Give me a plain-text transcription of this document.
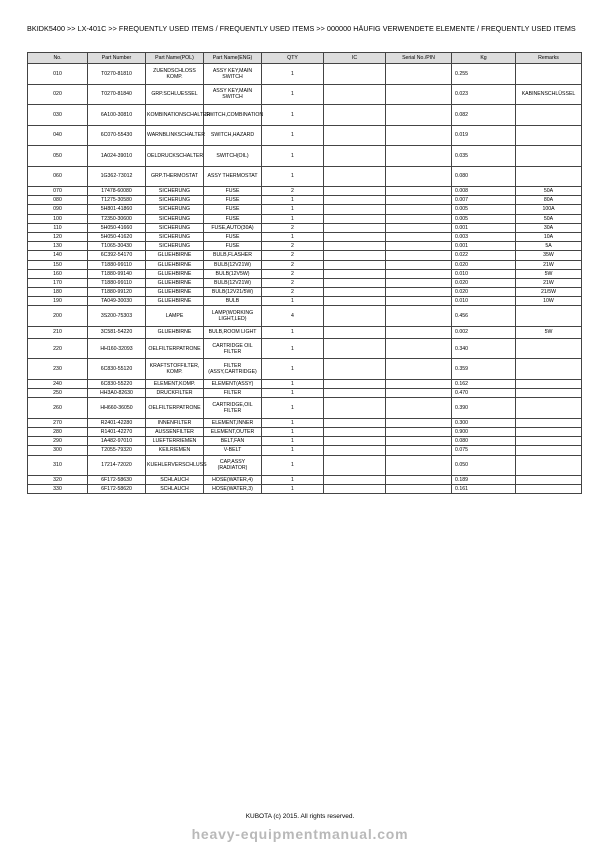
BKIDK5400 >> LX-401C >> FREQUENTLY USED ITEMS / FREQUENTLY USED ITEMS >> 000000 HÄUFIG VERWENDETE ELEMENTE / FREQUENTLY USED ITEMS
No.	Part Number	Part Name(POL)	Part Name(ENG)	QTY	IC	Serial No./PIN	Kg	Remarks
010	T0270-81810	ZUENDSCHLOSS KOMP.	ASSY KEY,MAIN SWITCH	1			0.255	
020	T0270-81840	GRP.SCHLUESSEL	ASSY KEY,MAIN SWITCH	1			0.023	KABINENSCHLÜSSEL
030	6A100-30810	KOMBINATIONSCHALTER	SWITCH,COMBINATION	1			0.082	
040	6C070-55430	WARNBLINKSCHALTER	SWITCH,HAZARD	1			0.019	
050	1A024-39010	OELDRUCKSCHALTER	SWITCH(OIL)	1			0.035	
060	1G362-73012	GRP.THERMOSTAT	ASSY THERMOSTAT	1			0.080	
070	17478-60080	SICHERUNG	FUSE	2			0.008	50A
080	T1275-30580	SICHERUNG	FUSE	1			0.007	80A
090	5H801-41860	SICHERUNG	FUSE	1			0.005	100A
100	T2350-30600	SICHERUNG	FUSE	1			0.005	50A
110	5H050-41660	SICHERUNG	FUSE,AUTO(30A)	2			0.001	30A
120	5H050-41620	SICHERUNG	FUSE	1			0.003	10A
130	T1065-30430	SICHERUNG	FUSE	2			0.001	5A
140	6C392-54170	GLUEHBIRNE	BULB,FLASHER	2			0.022	35W
150	T1880-99110	GLUEHBIRNE	BULB(12V21W)	2			0.020	21W
160	T1880-99140	GLUEHBIRNE	BULB(12V5W)	2			0.010	5W
170	T1880-99110	GLUEHBIRNE	BULB(12V21W)	2			0.020	21W
180	T1880-99120	GLUEHBIRNE	BULB(12V21/5W)	2			0.020	21/5W
190	TA049-30030	GLUEHBIRNE	BULB	1			0.010	10W
200	3S200-75303	LAMPE	LAMP(WORKING LIGHT,LED)	4			0.456	
210	3C581-54220	GLUEHBIRNE	BULB,ROOM LIGHT	1			0.002	5W
220	HH160-32093	OELFILTERPATRONE	CARTRIDGE OIL FILTER	1			0.340	
230	6C830-55120	KRAFTSTOFFILTER, KOMP.	FILTER (ASSY,CARTRIDGE)	1			0.359	
240	6C830-55220	ELEMENT,KOMP.	ELEMENT(ASSY)	1			0.162	
250	HH3A0-82630	DRUCKFILTER	FILTER	1			0.470	
260	HH660-36050	OELFILTERPATRONE	CARTRIDGE,OIL FILTER	1			0.390	
270	R2401-42280	INNENFILTER	ELEMENT,INNER	1			0.300	
280	R1401-42270	AUSSENFILTER	ELEMENT,OUTER	1			0.900	
290	1A482-97010	LUEFTERRIEMEN	BELT,FAN	1			0.080	
300	T2055-79320	KEILRIEMEN	V-BELT	1			0.075	
310	17214-72020	KUEHLERVERSCHLUSS	CAP,ASSY (RADIATOR)	1			0.050	
320	6F172-58630	SCHLAUCH	HOSE(WATER,4)	1			0.189	
330	6F172-58620	SCHLAUCH	HOSE(WATER,3)	1			0.161	
KUBOTA (c) 2015. All rights reserved.
heavy-equipmentmanual.com
